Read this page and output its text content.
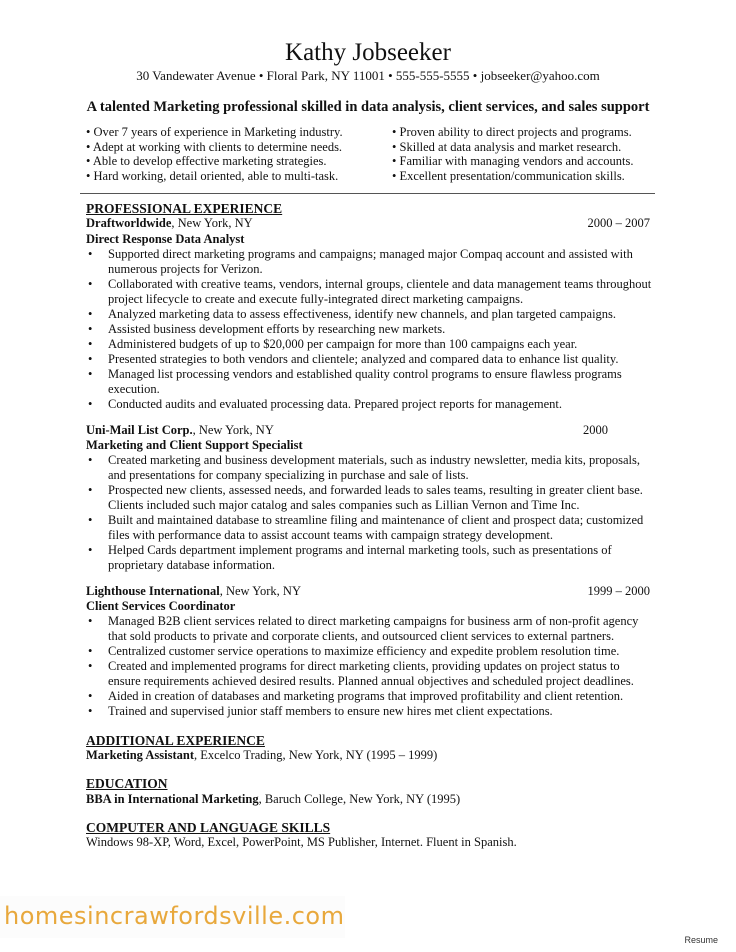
Kathy Jobseeker
30 Vandewater Avenue • Floral Park, NY 11001 • 555-555-5555 • jobseeker@yahoo.com
A talented Marketing professional skilled in data analysis, client services, and sales support
• Over 7 years of experience in Marketing industry.
• Adept at working with clients to determine needs.
• Able to develop effective marketing strategies.
• Hard working, detail oriented, able to multi-task.
• Proven ability to direct projects and programs.
• Skilled at data analysis and market research.
• Familiar with managing vendors and accounts.
• Excellent presentation/communication skills.
PROFESSIONAL EXPERIENCE
Draftworldwide, New York, NY	2000 – 2007
Direct Response Data Analyst
• Supported direct marketing programs and campaigns; managed major Compaq account and assisted with numerous projects for Verizon.
• Collaborated with creative teams, vendors, internal groups, clientele and data management teams throughout project lifecycle to create and execute fully-integrated direct marketing campaigns.
• Analyzed marketing data to assess effectiveness, identify new channels, and plan targeted campaigns.
• Assisted business development efforts by researching new markets.
• Administered budgets of up to $20,000 per campaign for more than 100 campaigns each year.
• Presented strategies to both vendors and clientele; analyzed and compared data to enhance list quality.
• Managed list processing vendors and established quality control programs to ensure flawless programs execution.
• Conducted audits and evaluated processing data. Prepared project reports for management.
Uni-Mail List Corp., New York, NY	2000
Marketing and Client Support Specialist
• Created marketing and business development materials, such as industry newsletter, media kits, proposals, and presentations for company specializing in purchase and sale of lists.
• Prospected new clients, assessed needs, and forwarded leads to sales teams, resulting in greater client base. Clients included such major catalog and sales companies such as Lillian Vernon and Time Inc.
• Built and maintained database to streamline filing and maintenance of client and prospect data; customized files with performance data to assist account teams with campaign strategy development.
• Helped Cards department implement programs and internal marketing tools, such as presentations of proprietary database information.
Lighthouse International, New York, NY	1999 – 2000
Client Services Coordinator
• Managed B2B client services related to direct marketing campaigns for business arm of non-profit agency that sold products to private and corporate clients, and outsourced client services to external partners.
• Centralized customer service operations to maximize efficiency and expedite problem resolution time.
• Created and implemented programs for direct marketing clients, providing updates on project status to ensure requirements achieved desired results. Planned annual objectives and scheduled project deadlines.
• Aided in creation of databases and marketing programs that improved profitability and client retention.
• Trained and supervised junior staff members to ensure new hires met client expectations.
ADDITIONAL EXPERIENCE
Marketing Assistant, Excelco Trading, New York, NY (1995 – 1999)
EDUCATION
BBA in International Marketing, Baruch College, New York, NY (1995)
COMPUTER AND LANGUAGE SKILLS
Windows 98-XP, Word, Excel, PowerPoint, MS Publisher, Internet. Fluent in Spanish.
homesincrawfordsville.com
Resume
